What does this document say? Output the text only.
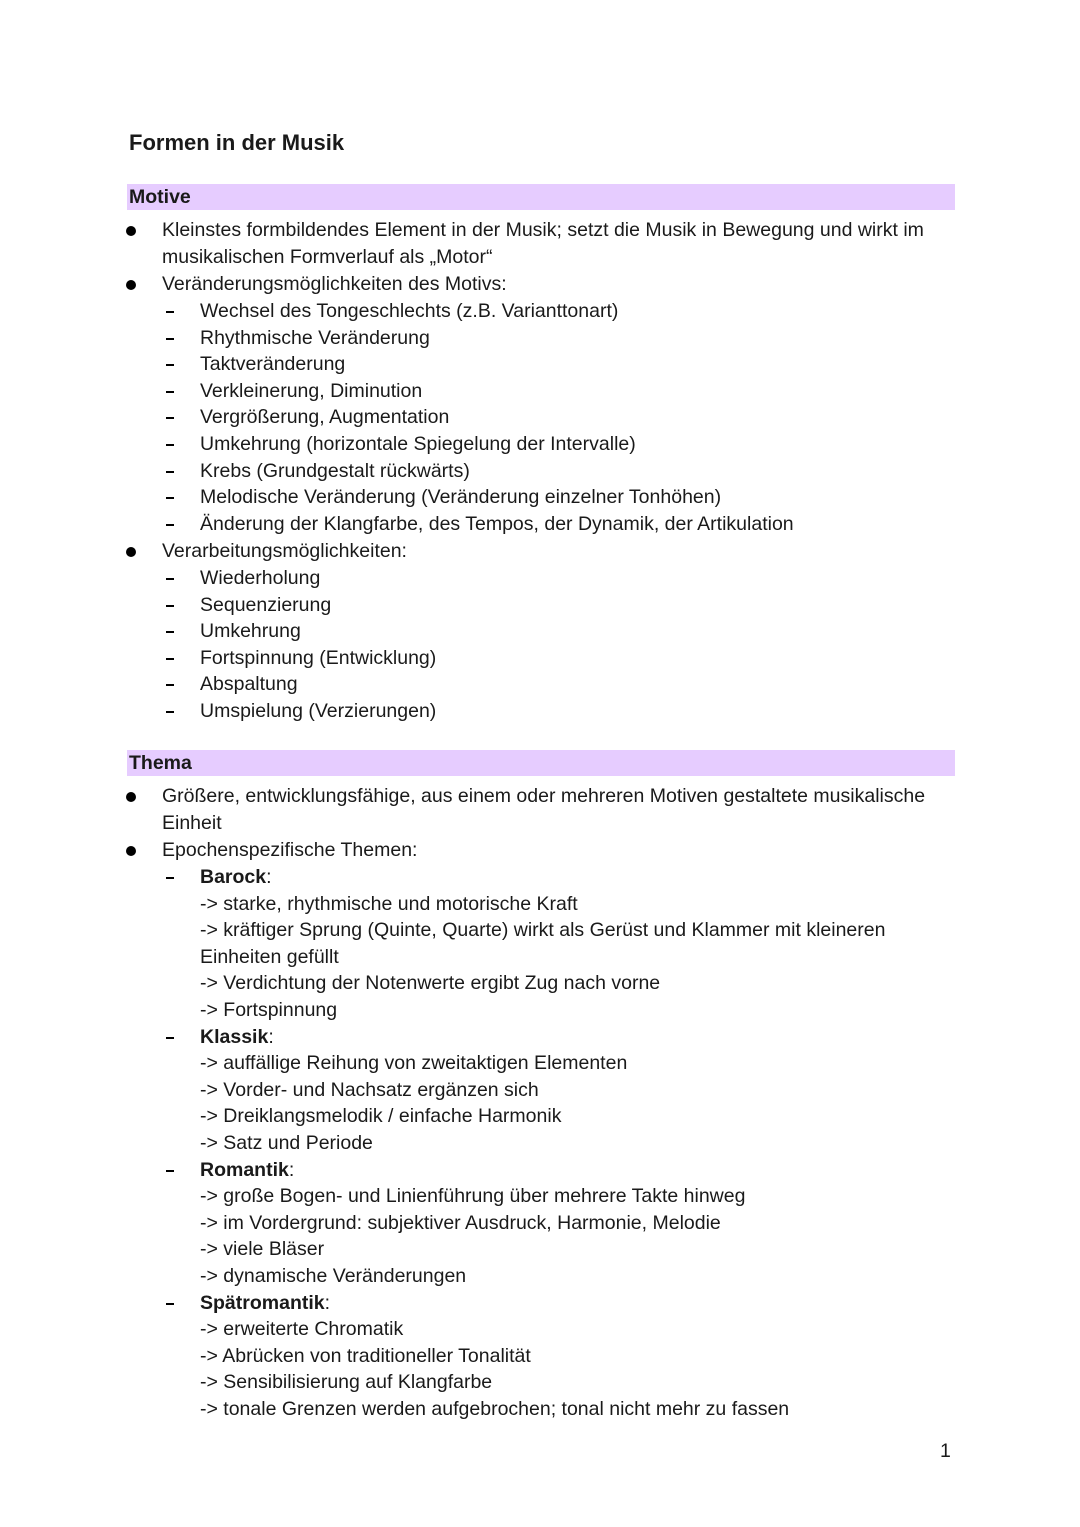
Formen in der Musik
Motive
Kleinstes formbildendes Element in der Musik; setzt die Musik in Bewegung und wirkt im
musikalischen Formverlauf als „Motor“
Veränderungsmöglichkeiten des Motivs:
Wechsel des Tongeschlechts (z.B. Varianttonart)
Rhythmische Veränderung
Taktveränderung
Verkleinerung, Diminution
Vergrößerung, Augmentation
Umkehrung (horizontale Spiegelung der Intervalle)
Krebs (Grundgestalt rückwärts)
Melodische Veränderung (Veränderung einzelner Tonhöhen)
Änderung der Klangfarbe, des Tempos, der Dynamik, der Artikulation
Verarbeitungsmöglichkeiten:
Wiederholung
Sequenzierung
Umkehrung
Fortspinnung (Entwicklung)
Abspaltung
Umspielung (Verzierungen)
Thema
Größere, entwicklungsfähige, aus einem oder mehreren Motiven gestaltete musikalische
Einheit
Epochenspezifische Themen:
Barock:
-> starke, rhythmische und motorische Kraft
-> kräftiger Sprung (Quinte, Quarte) wirkt als Gerüst und Klammer mit kleineren
Einheiten gefüllt
-> Verdichtung der Notenwerte ergibt Zug nach vorne
-> Fortspinnung
Klassik:
-> auffällige Reihung von zweitaktigen Elementen
-> Vorder- und Nachsatz ergänzen sich
-> Dreiklangsmelodik / einfache Harmonik
-> Satz und Periode
Romantik:
-> große Bogen- und Linienführung über mehrere Takte hinweg
-> im Vordergrund: subjektiver Ausdruck, Harmonie, Melodie
-> viele Bläser
-> dynamische Veränderungen
Spätromantik:
-> erweiterte Chromatik
-> Abrücken von traditioneller Tonalität
-> Sensibilisierung auf Klangfarbe
-> tonale Grenzen werden aufgebrochen; tonal nicht mehr zu fassen
1
